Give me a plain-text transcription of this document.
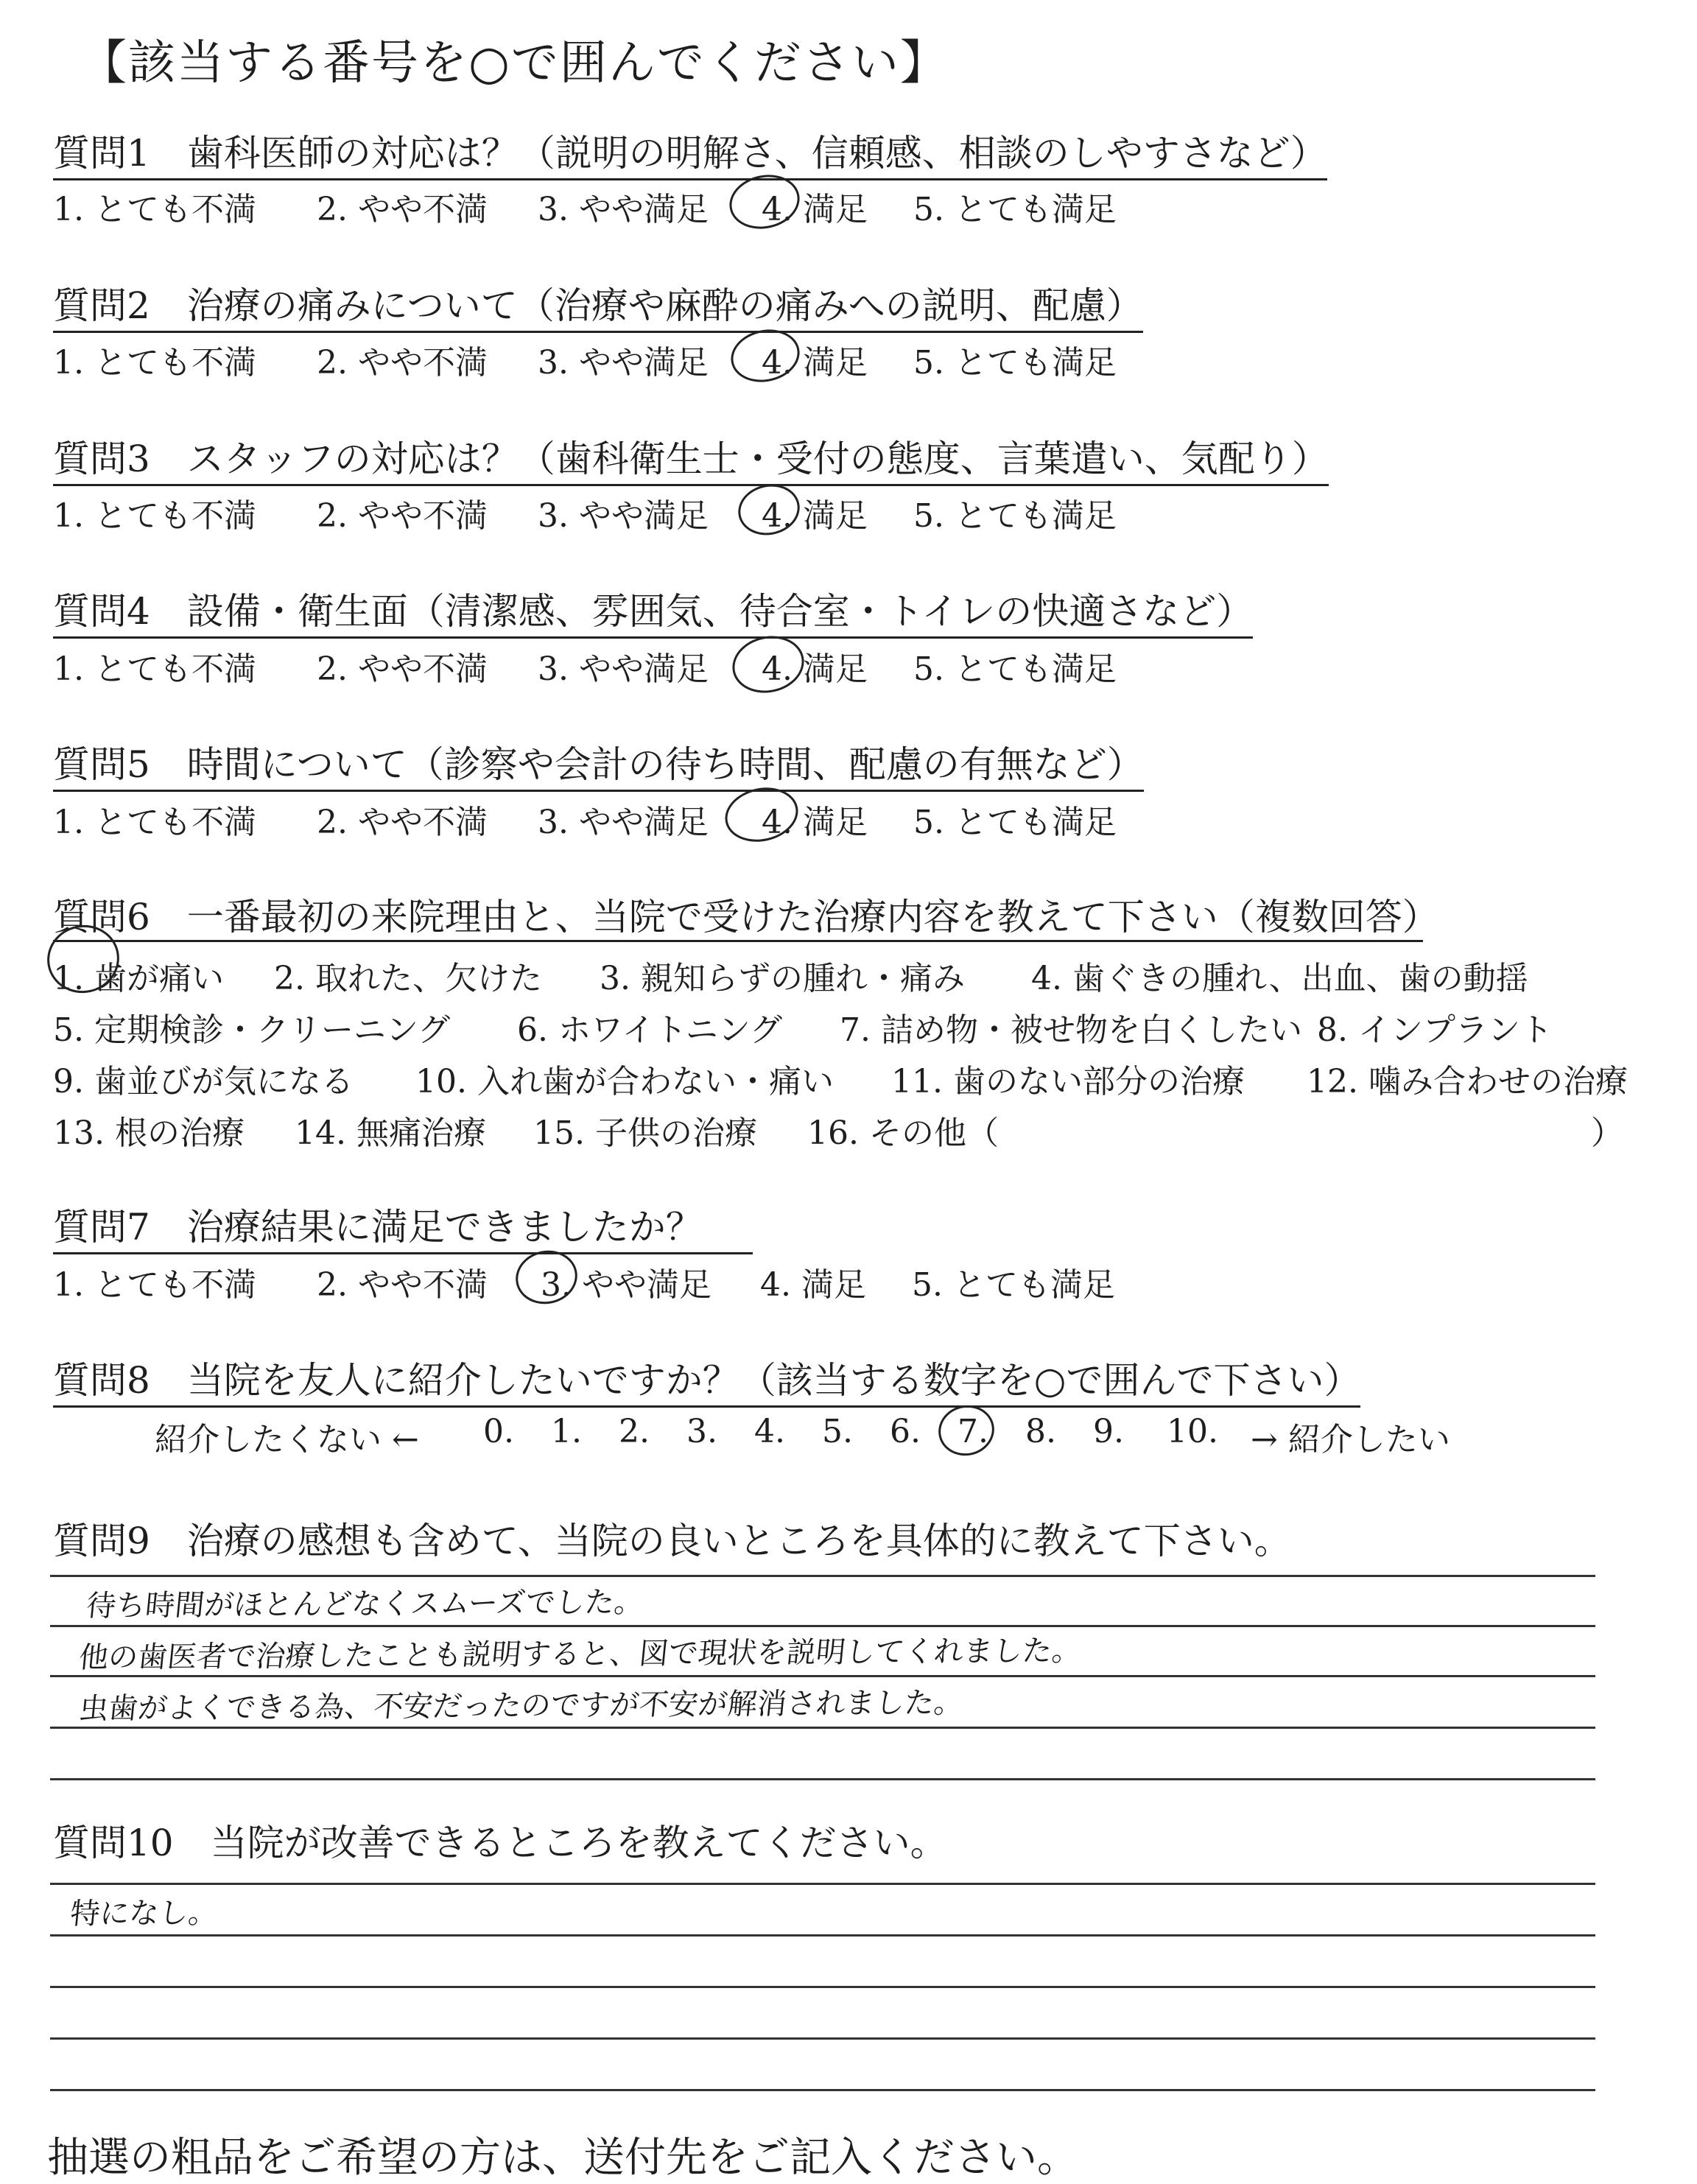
【該当する番号を○で囲んでください】
質問1　歯科医師の対応は？（説明の明解さ、信頼感、相談のしやすさなど）
1. とても不満 2. やや不満 3. やや満足 4. 満足 5. とても満足
質問2　治療の痛みについて（治療や麻酔の痛みへの説明、配慮）
1. とても不満 2. やや不満 3. やや満足 4. 満足 5. とても満足
質問3　スタッフの対応は？（歯科衛生士・受付の態度、言葉遣い、気配り）
1. とても不満 2. やや不満 3. やや満足 4. 満足 5. とても満足
質問4　設備・衛生面（清潔感、雰囲気、待合室・トイレの快適さなど）
1. とても不満 2. やや不満 3. やや満足 4. 満足 5. とても満足
質問5　時間について（診察や会計の待ち時間、配慮の有無など）
1. とても不満 2. やや不満 3. やや満足 4. 満足 5. とても満足
質問6　一番最初の来院理由と、当院で受けた治療内容を教えて下さい（複数回答）
1. 歯が痛い 2. 取れた、欠けた 3. 親知らずの腫れ・痛み 4. 歯ぐきの腫れ、出血、歯の動揺
5. 定期検診・クリーニング 6. ホワイトニング 7. 詰め物・被せ物を白くしたい 8. インプラント
9. 歯並びが気になる 10. 入れ歯が合わない・痛い 11. 歯のない部分の治療 12. 噛み合わせの治療
13. 根の治療 14. 無痛治療 15. 子供の治療 16. その他（	）
質問7　治療結果に満足できましたか？
1. とても不満 2. やや不満 3. やや満足 4. 満足 5. とても満足
質問8　当院を友人に紹介したいですか？（該当する数字を○で囲んで下さい）
紹介したくない ← 0. 1. 2. 3. 4. 5. 6. 7. 8. 9. 10. → 紹介したい
質問9　治療の感想も含めて、当院の良いところを具体的に教えて下さい。
待ち時間がほとんどなくスムーズでした。
他の歯医者で治療したことも説明すると、図で現状を説明してくれました。
虫歯がよくできる為、不安だったのですが不安が解消されました。
質問10　当院が改善できるところを教えてください。
特になし。
抽選の粗品をご希望の方は、送付先をご記入ください。
